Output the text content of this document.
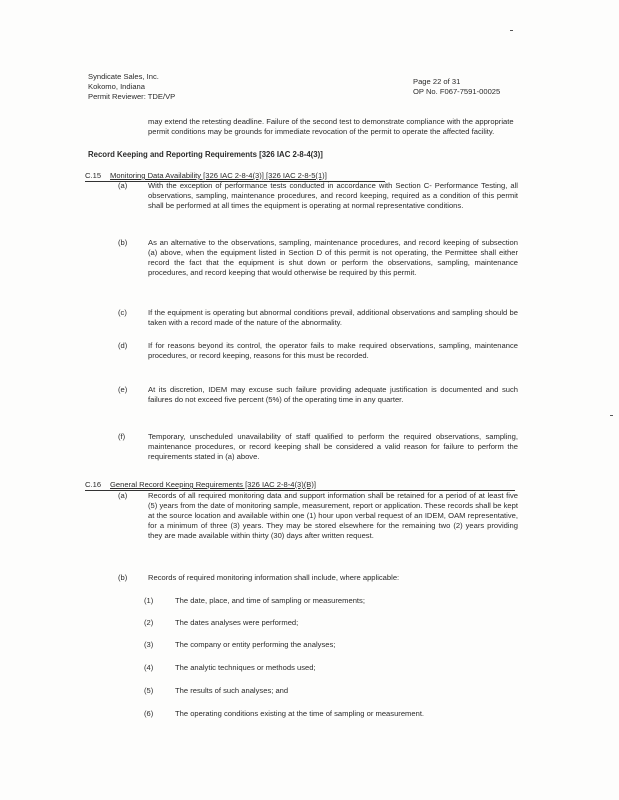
Syndicate Sales, Inc.
Kokomo, Indiana
Permit Reviewer: TDE/VP
Page 22 of 31
OP No. F067-7591-00025
may extend the retesting deadline. Failure of the second test to demonstrate compliance with the appropriate permit conditions may be grounds for immediate revocation of the permit to operate the affected facility.
Record Keeping and Reporting Requirements [326 IAC 2-8-4(3)]
C.15 Monitoring Data Availability [326 IAC 2-8-4(3)] [326 IAC 2-8-5(1)]
(a)	With the exception of performance tests conducted in accordance with Section C- Performance Testing, all observations, sampling, maintenance procedures, and record keeping, required as a condition of this permit shall be performed at all times the equipment is operating at normal representative conditions.
(b)	As an alternative to the observations, sampling, maintenance procedures, and record keeping of subsection (a) above, when the equipment listed in Section D of this permit is not operating, the Permittee shall either record the fact that the equipment is shut down or perform the observations, sampling, maintenance procedures, and record keeping that would otherwise be required by this permit.
(c)	If the equipment is operating but abnormal conditions prevail, additional observations and sampling should be taken with a record made of the nature of the abnormality.
(d)	If for reasons beyond its control, the operator fails to make required observations, sampling, maintenance procedures, or record keeping, reasons for this must be recorded.
(e)	At its discretion, IDEM may excuse such failure providing adequate justification is documented and such failures do not exceed five percent (5%) of the operating time in any quarter.
(f)	Temporary, unscheduled unavailability of staff qualified to perform the required observations, sampling, maintenance procedures, or record keeping shall be considered a valid reason for failure to perform the requirements stated in (a) above.
C.16 General Record Keeping Requirements [326 IAC 2-8-4(3)(B)]
(a)	Records of all required monitoring data and support information shall be retained for a period of at least five (5) years from the date of monitoring sample, measurement, report or application. These records shall be kept at the source location and available within one (1) hour upon verbal request of an IDEM, OAM representative, for a minimum of three (3) years. They may be stored elsewhere for the remaining two (2) years providing they are made available within thirty (30) days after written request.
(b)	Records of required monitoring information shall include, where applicable:
(1)	The date, place, and time of sampling or measurements;
(2)	The dates analyses were performed;
(3)	The company or entity performing the analyses;
(4)	The analytic techniques or methods used;
(5)	The results of such analyses; and
(6)	The operating conditions existing at the time of sampling or measurement.
